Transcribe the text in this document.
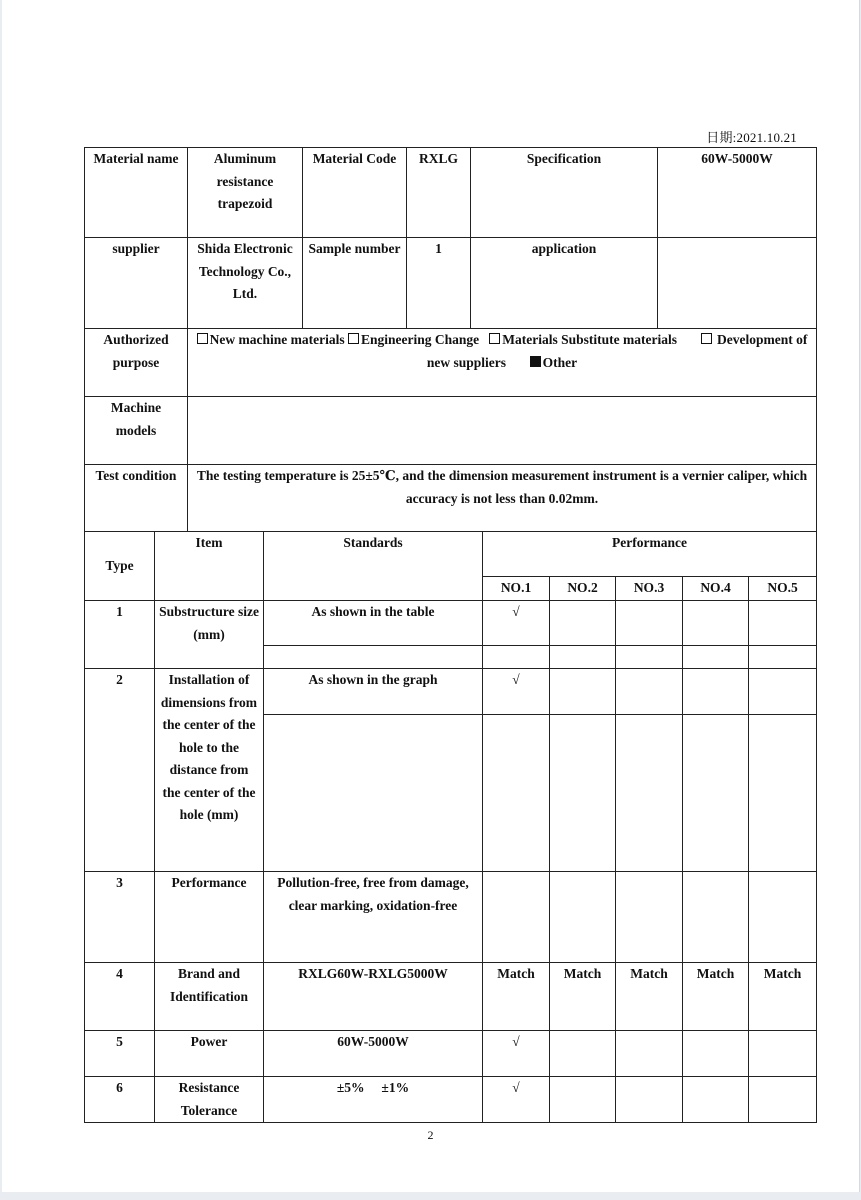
日期:2021.10.21
Material name	Aluminum resistance trapezoid	Material Code	RXLG	Specification	60W-5000W
supplier	Shida Electronic Technology Co., Ltd.	Sample number	1	application	
Authorized purpose	New machine materials Engineering Change Materials Substitute materials Development of new suppliers Other				
Machine models					
Test condition	The testing temperature is 25±5℃, and the dimension measurement instrument is a vernier caliper, which accuracy is not less than 0.02mm.				
Type	Item	Standards	Performance				
			NO.1	NO.2	NO.3	NO.4	NO.5
1	Substructure size (mm)	As shown in the table	√				

2	Installation of dimensions from the center of the hole to the distance from the center of the hole (mm)	As shown in the graph	√				

3	Performance	Pollution-free, free from damage, clear marking, oxidation-free					
4	Brand and Identification	RXLG60W-RXLG5000W	Match	Match	Match	Match	Match
5	Power	60W-5000W	√				
6	Resistance Tolerance	±5%     ±1%	√				
2
